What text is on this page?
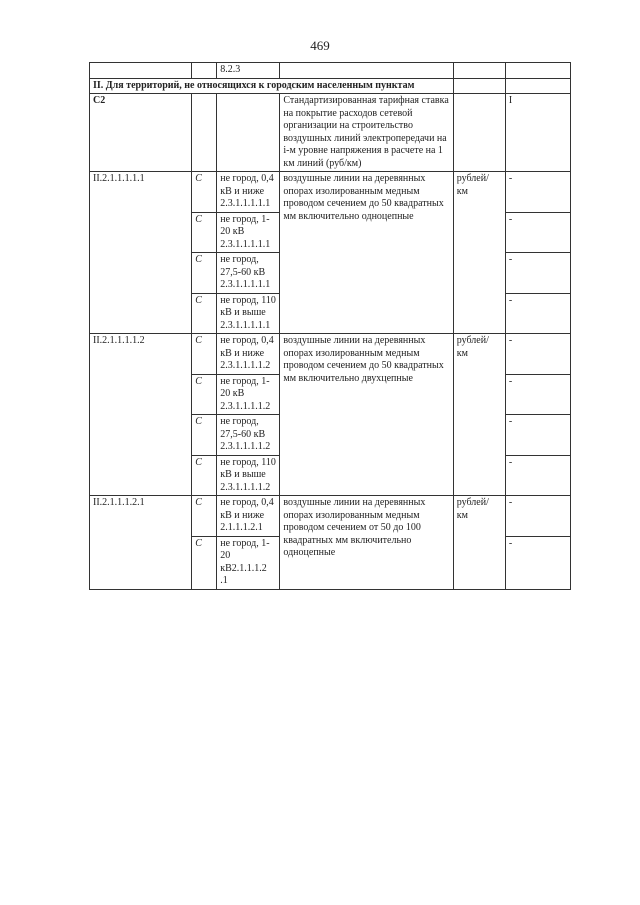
469
		8.2.3			
II. Для территорий, не относящихся к городским населенным пунктам					
C2			Стандартизированная тарифная ставка на покрытие расходов сетевой организации на строительство воздушных линий электропередачи на i-м уровне напряжения в расчете на 1 км линий (руб/км)		I
II.2.1.1.1.1.1	C	не город, 0,4 кВ и ниже 2.3.1.1.1.1.1	воздушные линии на деревянных опорах изолированным медным проводом сечением до 50 квадратных мм включительно одноцепные	рублей/ км	-
	C	не город, 1-20 кВ 2.3.1.1.1.1.1			-
	C	не город, 27,5-60 кВ 2.3.1.1.1.1.1			-
	C	не город, 110 кВ и выше 2.3.1.1.1.1.1			-
II.2.1.1.1.1.2	C	не город, 0,4 кВ и ниже 2.3.1.1.1.1.2	воздушные линии на деревянных опорах изолированным медным проводом сечением до 50 квадратных мм включительно двухцепные	рублей/ км	-
	C	не город, 1-20 кВ 2.3.1.1.1.1.2			-
	C	не город, 27,5-60 кВ 2.3.1.1.1.1.2			-
	C	не город, 110 кВ и выше 2.3.1.1.1.1.2			-
II.2.1.1.1.2.1	C	не город, 0,4 кВ и ниже 2.1.1.1.2.1	воздушные линии на деревянных опорах изолированным медным проводом сечением от 50 до 100 квадратных мм включительно одноцепные	рублей/ км	-
	C	не город, 1-20 кВ2.1.1.1.2 .1			-
